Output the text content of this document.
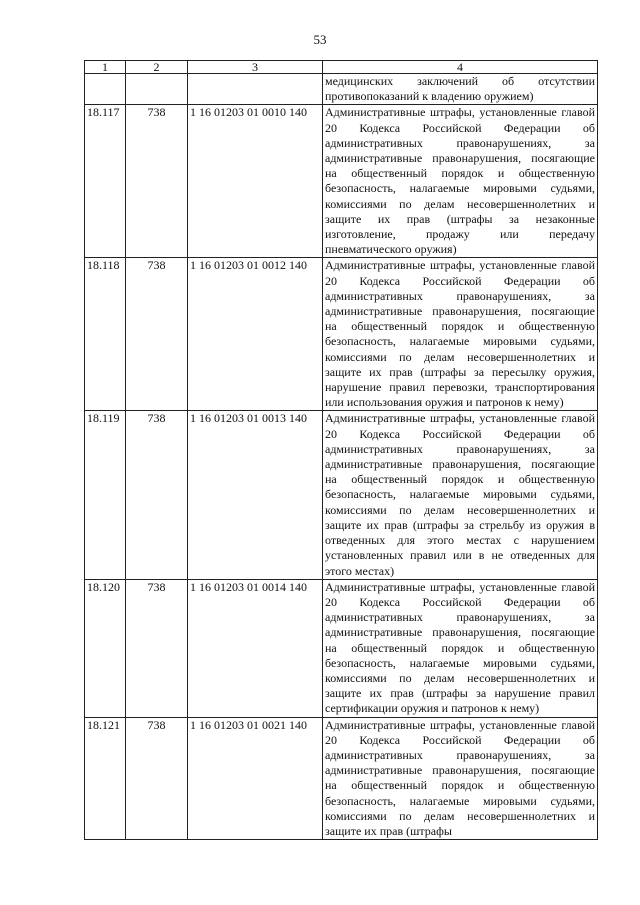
53
1	2	3	4
			медицинских заключений об отсутствии противопоказаний к владению оружием)
18.117	738	1 16 01203 01 0010 140	Административные штрафы, установленные главой 20 Кодекса Российской Федерации об административных правонарушениях, за административные правонарушения, посягающие на общественный порядок и общественную безопасность, налагаемые мировыми судьями, комиссиями по делам несовершеннолетних и защите их прав (штрафы за незаконные изготовление, продажу или передачу пневматического оружия)
18.118	738	1 16 01203 01 0012 140	Административные штрафы, установленные главой 20 Кодекса Российской Федерации об административных правонарушениях, за административные правонарушения, посягающие на общественный порядок и общественную безопасность, налагаемые мировыми судьями, комиссиями по делам несовершеннолетних и защите их прав (штрафы за пересылку оружия, нарушение правил перевозки, транспортирования или использования оружия и патронов к нему)
18.119	738	1 16 01203 01 0013 140	Административные штрафы, установленные главой 20 Кодекса Российской Федерации об административных правонарушениях, за административные правонарушения, посягающие на общественный порядок и общественную безопасность, налагаемые мировыми судьями, комиссиями по делам несовершеннолетних и защите их прав (штрафы за стрельбу из оружия в отведенных для этого местах с нарушением установленных правил или в не отведенных для этого местах)
18.120	738	1 16 01203 01 0014 140	Административные штрафы, установленные главой 20 Кодекса Российской Федерации об административных правонарушениях, за административные правонарушения, посягающие на общественный порядок и общественную безопасность, налагаемые мировыми судьями, комиссиями по делам несовершеннолетних и защите их прав (штрафы за нарушение правил сертификации оружия и патронов к нему)
18.121	738	1 16 01203 01 0021 140	Административные штрафы, установленные главой 20 Кодекса Российской Федерации об административных правонарушениях, за административные правонарушения, посягающие на общественный порядок и общественную безопасность, налагаемые мировыми судьями, комиссиями по делам несовершеннолетних и защите их прав (штрафы
